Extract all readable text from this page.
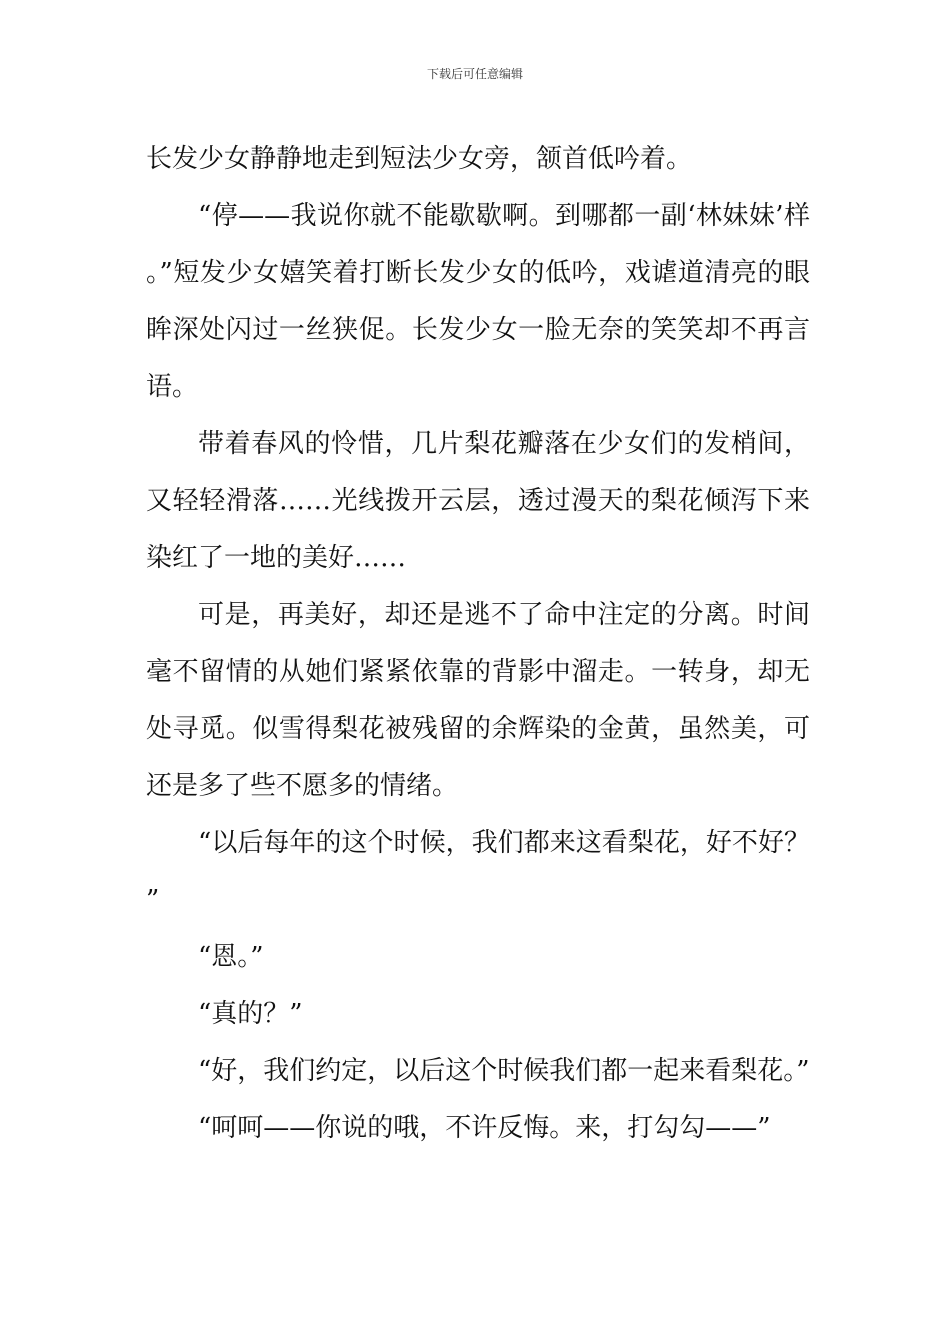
下载后可任意编辑

长发少女静静地走到短法少女旁，颔首低吟着。

“停——我说你就不能歇歇啊。到哪都一副‘林妹妹’样。”短发少女嬉笑着打断长发少女的低吟，戏谑道清亮的眼眸深处闪过一丝狭促。长发少女一脸无奈的笑笑却不再言语。

带着春风的怜惜，几片梨花瓣落在少女们的发梢间，又轻轻滑落……光线拨开云层，透过漫天的梨花倾泻下来染红了一地的美好……

可是，再美好，却还是逃不了命中注定的分离。时间毫不留情的从她们紧紧依靠的背影中溜走。一转身，却无处寻觅。似雪得梨花被残留的余辉染的金黄，虽然美，可还是多了些不愿多的情绪。

“以后每年的这个时候，我们都来这看梨花，好不好？”

“恩。”

“真的？”

“好，我们约定，以后这个时候我们都一起来看梨花。”

“呵呵——你说的哦，不许反悔。来，打勾勾——”
